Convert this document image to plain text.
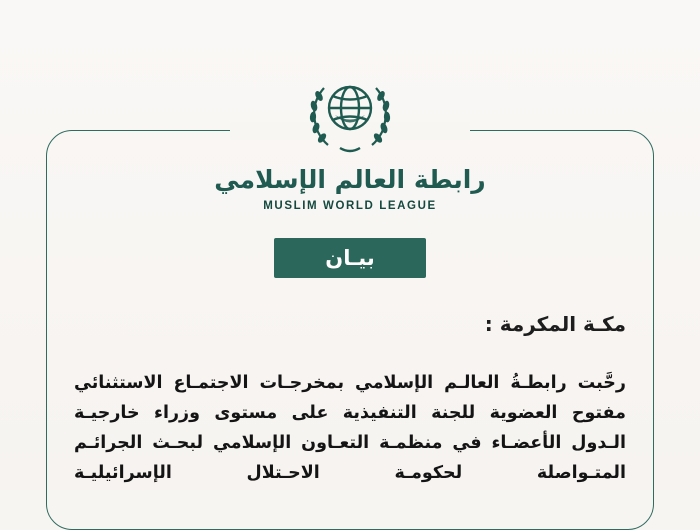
رابطة العالم الإسلامي
MUSLIM WORLD LEAGUE
بيـان
مكـة المكرمة :

رحَّبت رابطـةُ العالـم الإسلامي بمخرجـات الاجتمـاع الاستثنائي مفتوح العضوية للجنة التنفيذية على مستوى وزراء خارجيـة الـدول الأعضـاء في منظمـة التعـاون الإسلامي لبحـث الجرائـم المتـواصلة لحكومـة الاحـتلال الإسرائيليـة
